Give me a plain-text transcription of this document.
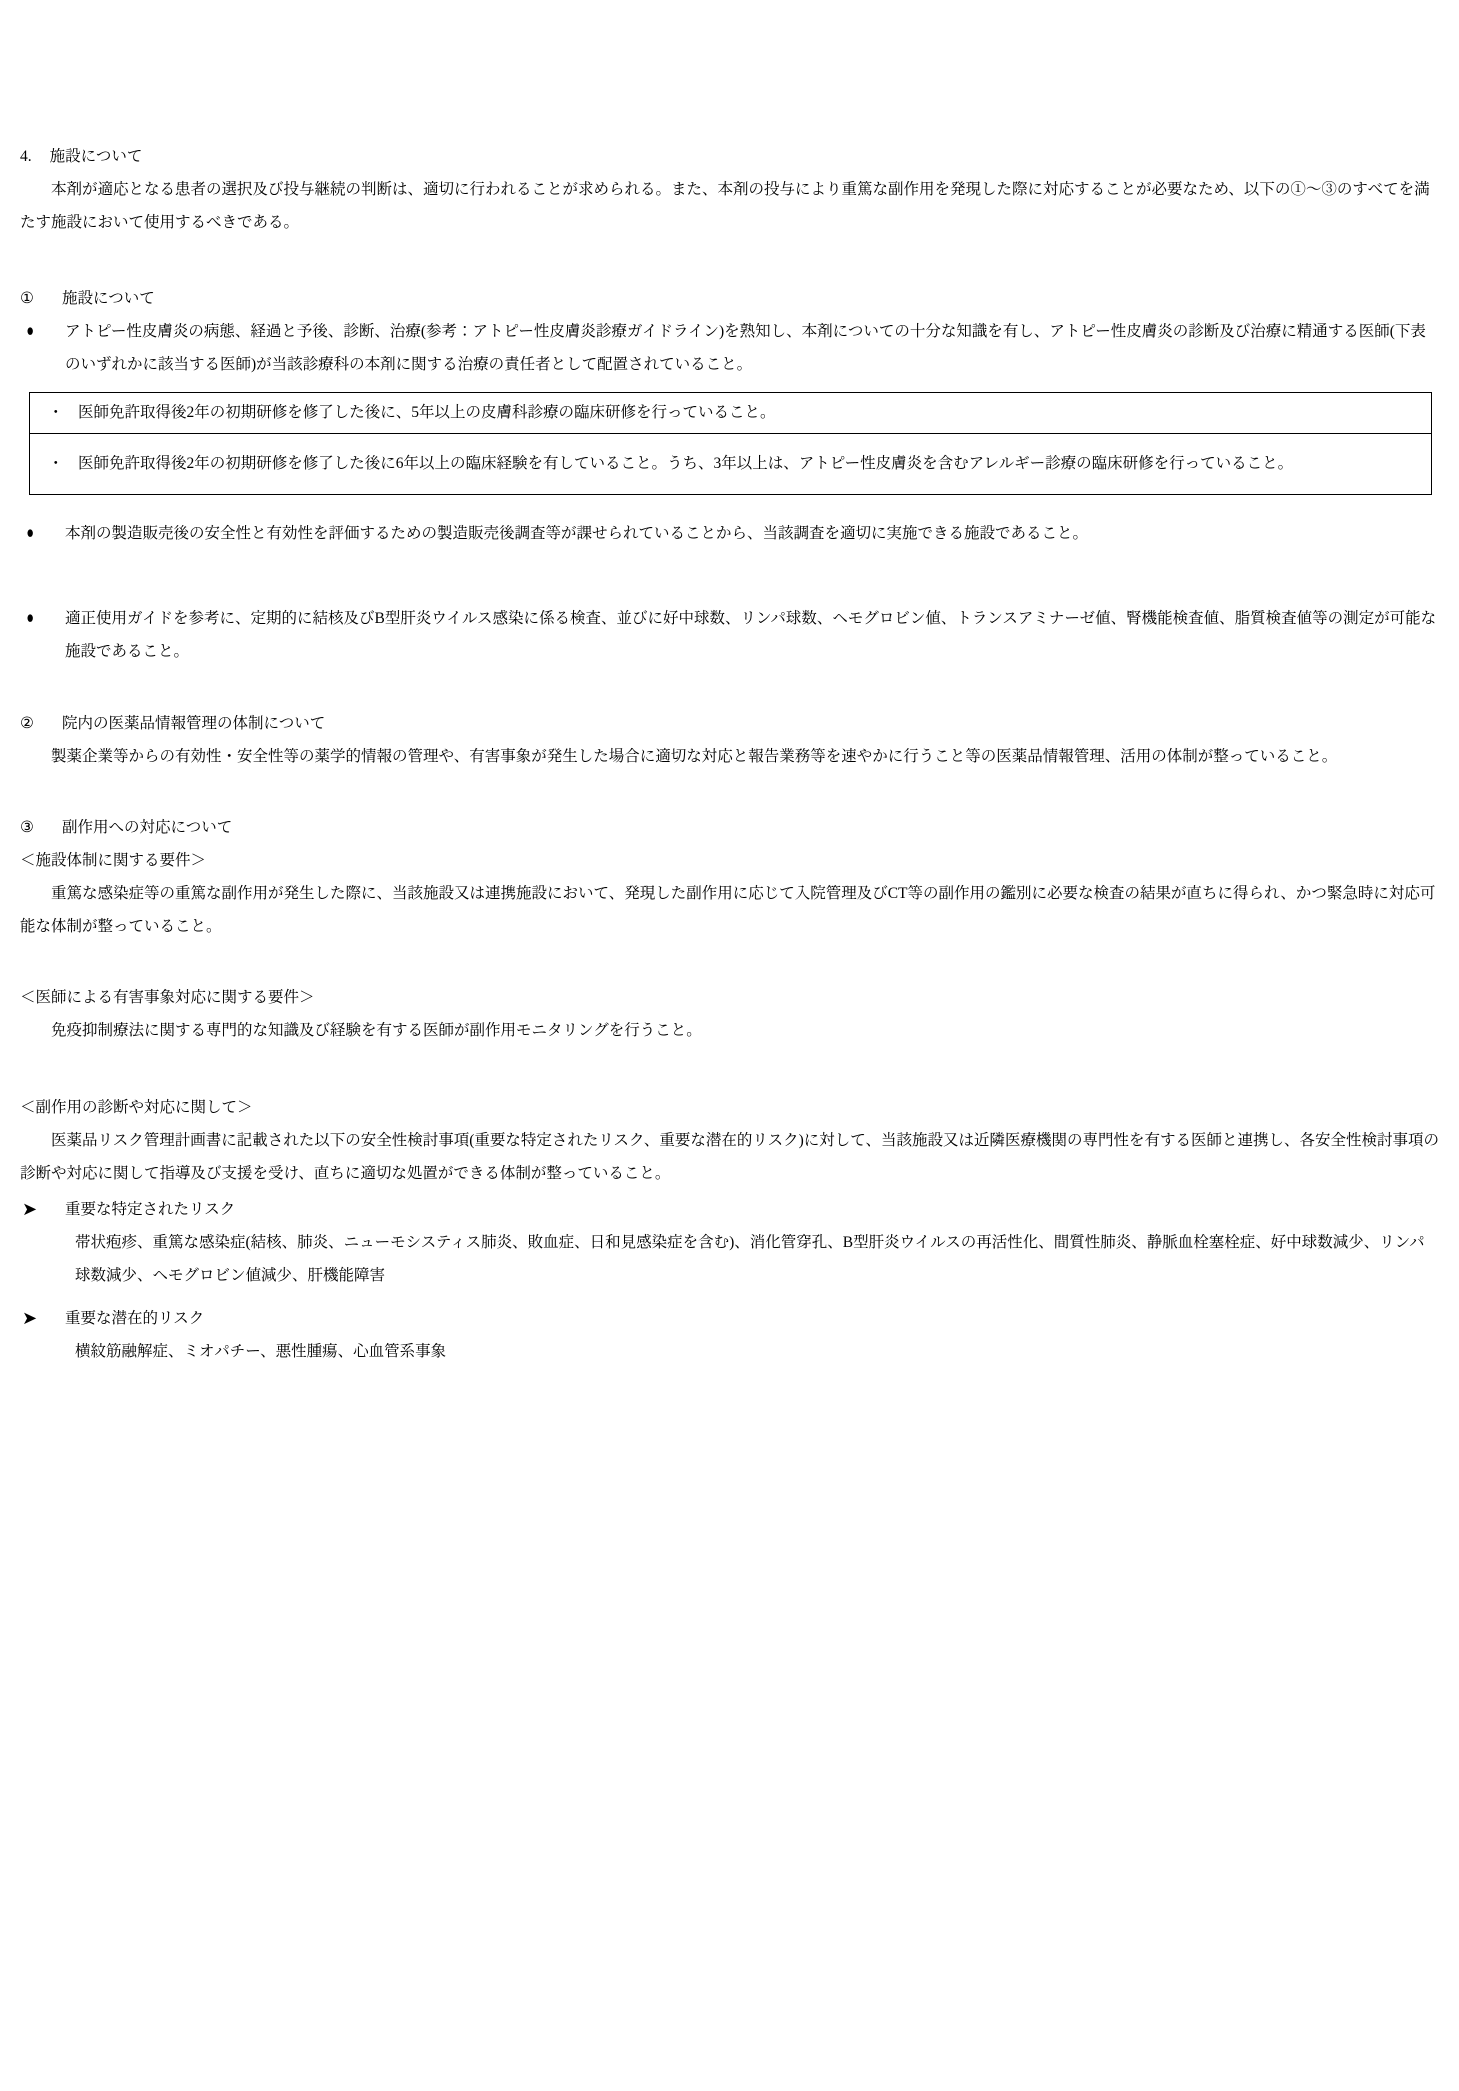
4. 施設について

本剤が適応となる患者の選択及び投与継続の判断は、適切に行われることが求められる。また、本剤の投与により重篤な副作用を発現した際に対応することが必要なため、以下の①～③のすべてを満たす施設において使用するべきである。

① 施設について
●	アトピー性皮膚炎の病態、経過と予後、診断、治療(参考：アトピー性皮膚炎診療ガイドライン)を熟知し、本剤についての十分な知識を有し、アトピー性皮膚炎の診断及び治療に精通する医師(下表のいずれかに該当する医師)が当該診療科の本剤に関する治療の責任者として配置されていること。
・ 医師免許取得後2年の初期研修を修了した後に、5年以上の皮膚科診療の臨床研修を行っていること。

・ 医師免許取得後2年の初期研修を修了した後に6年以上の臨床経験を有していること。うち、3年以上は、アトピー性皮膚炎を含むアレルギー診療の臨床研修を行っていること。
●	本剤の製造販売後の安全性と有効性を評価するための製造販売後調査等が課せられていることから、当該調査を適切に実施できる施設であること。
●	適正使用ガイドを参考に、定期的に結核及びB型肝炎ウイルス感染に係る検査、並びに好中球数、リンパ球数、ヘモグロビン値、トランスアミナーゼ値、腎機能検査値、脂質検査値等の測定が可能な施設であること。
② 院内の医薬品情報管理の体制について

製薬企業等からの有効性・安全性等の薬学的情報の管理や、有害事象が発生した場合に適切な対応と報告業務等を速やかに行うこと等の医薬品情報管理、活用の体制が整っていること。

③ 副作用への対応について
＜施設体制に関する要件＞

重篤な感染症等の重篤な副作用が発生した際に、当該施設又は連携施設において、発現した副作用に応じて入院管理及びCT等の副作用の鑑別に必要な検査の結果が直ちに得られ、かつ緊急時に対応可能な体制が整っていること。

＜医師による有害事象対応に関する要件＞

免疫抑制療法に関する専門的な知識及び経験を有する医師が副作用モニタリングを行うこと。

＜副作用の診断や対応に関して＞

医薬品リスク管理計画書に記載された以下の安全性検討事項(重要な特定されたリスク、重要な潜在的リスク)に対して、当該施設又は近隣医療機関の専門性を有する医師と連携し、各安全性検討事項の診断や対応に関して指導及び支援を受け、直ちに適切な処置ができる体制が整っていること。

➤	重要な特定されたリスク

帯状疱疹、重篤な感染症(結核、肺炎、ニューモシスティス肺炎、敗血症、日和見感染症を含む)、消化管穿孔、B型肝炎ウイルスの再活性化、間質性肺炎、静脈血栓塞栓症、好中球数減少、リンパ球数減少、ヘモグロビン値減少、肝機能障害

➤	重要な潜在的リスク

横紋筋融解症、ミオパチー、悪性腫瘍、心血管系事象
